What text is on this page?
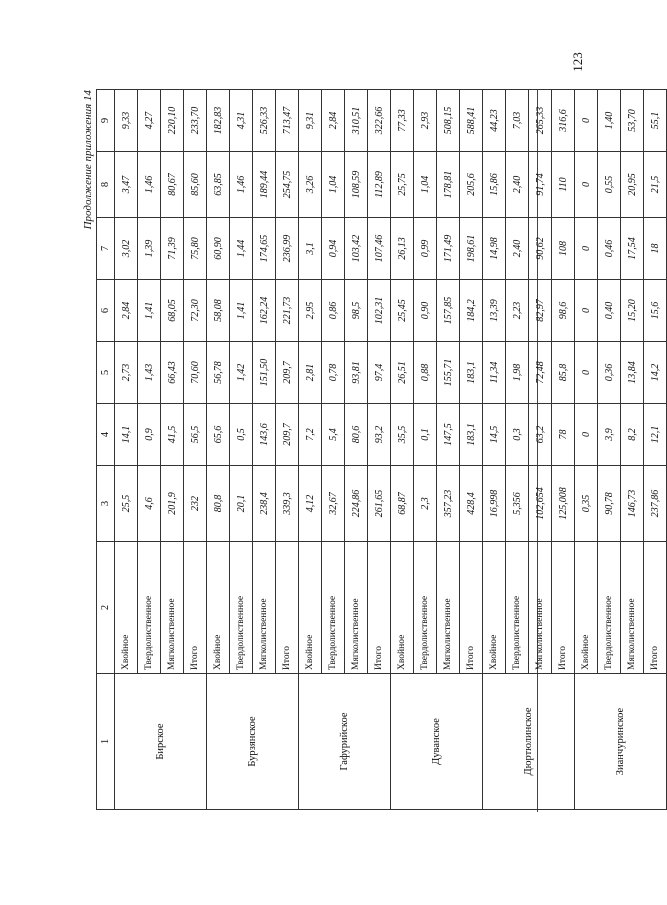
123
Продолжение приложения 14
1	2	3	4	5	6	7	8	9
Бирское	Хвойное	25,5	14,1	2,73	2,84	3,02	3,47	9,33
	Твердолиственное	4,6	0,9	1,43	1,41	1,39	1,46	4,27
	Мягколиственное	201,9	41,5	66,43	68,05	71,39	80,67	220,10
	Итого	232	56,5	70,60	72,30	75,80	85,60	233,70
Бурзянское	Хвойное	80,8	65,6	56,78	58,08	60,90	63,85	182,83
	Твердолиственное	20,1	0,5	1,42	1,41	1,44	1,46	4,31
	Мягколиственное	238,4	143,6	151,50	162,24	174,65	189,44	526,33
	Итого	339,3	209,7	209,7	221,73	236,99	254,75	713,47
Гафурийское	Хвойное	4,12	7,2	2,81	2,95	3,1	3,26	9,31
	Твердолиственное	32,67	5,4	0,78	0,86	0,94	1,04	2,84
	Мягколиственное	224,86	80,6	93,81	98,5	103,42	108,59	310,51
	Итого	261,65	93,2	97,4	102,31	107,46	112,89	322,66
Дуванское	Хвойное	68,87	35,5	26,51	25,45	26,13	25,75	77,33
	Твердолиственное	2,3	0,1	0,88	0,90	0,99	1,04	2,93
	Мягколиственное	357,23	147,5	155,71	157,85	171,49	178,81	508,15
	Итого	428,4	183,1	183,1	184,2	198,61	205,6	588,41
Дюртюлинское	Хвойное	16,998	14,5	11,34	13,39	14,98	15,86	44,23
	Твердолиственное	5,356	0,3	1,98	2,23	2,40	2,40	7,03
	Мягколиственное	102,654	63,2	72,48	82,97	90,62	91,74	265,33
	Итого	125,008	78	85,8	98,6	108	110	316,6
Зианчуринское	Хвойное	0,35	0	0	0	0	0	0
	Твердолиственное	90,78	3,9	0,36	0,40	0,46	0,55	1,40
	Мягколиственное	146,73	8,2	13,84	15,20	17,54	20,95	53,70
	Итого	237,86	12,1	14,2	15,6	18	21,5	55,1
